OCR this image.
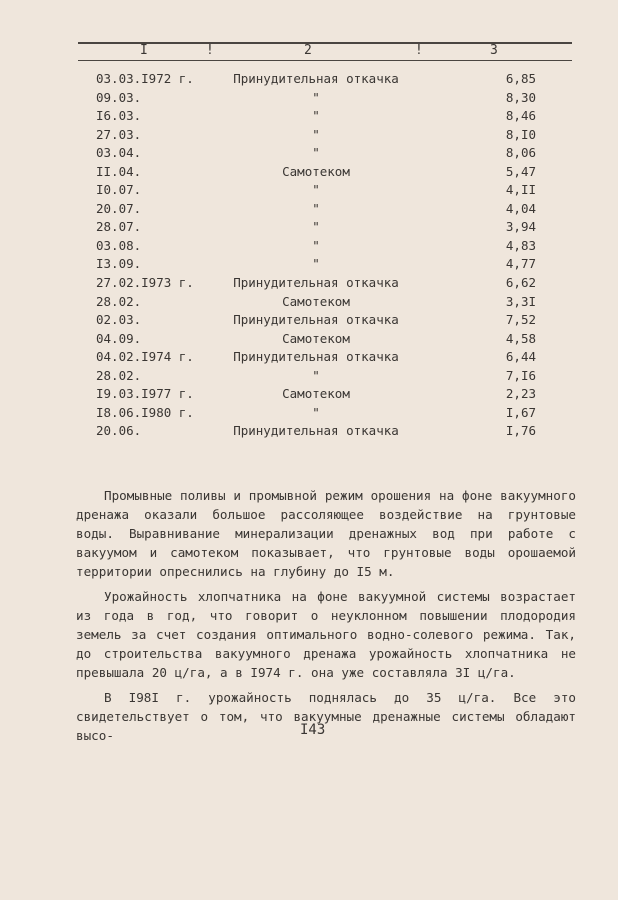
I	!	2	!	3
03.03.I972 г.	Принудительная откачка	6,85
09.03.	"	8,30
I6.03.	"	8,46
27.03.	"	8,I0
03.04.	"	8,06
II.04.	Самотеком	5,47
I0.07.	"	4,II
20.07.	"	4,04
28.07.	"	3,94
03.08.	"	4,83
I3.09.	"	4,77
27.02.I973 г.	Принудительная откачка	6,62
28.02.	Самотеком	3,3I
02.03.	Принудительная откачка	7,52
04.09.	Самотеком	4,58
04.02.I974 г.	Принудительная откачка	6,44
28.02.	"	7,I6
I9.03.I977 г.	Самотеком	2,23
I8.06.I980 г.	"	I,67
20.06.	Принудительная откачка	I,76

Промывные поливы и промывной режим орошения на фоне вакуумного дренажа оказали большое рассоляющее воздействие на грунтовые воды. Выравнивание минерализации дренажных вод при работе с вакуумом и самотеком показывает, что грунтовые воды орошаемой территории опреснились на глубину до I5 м.

Урожайность хлопчатника на фоне вакуумной системы возрастает из года в год, что говорит о неуклонном повышении плодородия земель за счет создания оптимального водно-солевого режима. Так, до строительства вакуумного дренажа урожайность хлопчатника не превышала 20 ц/га, а в I974 г. она уже составляла 3I ц/га.

В I98I г. урожайность поднялась до 35 ц/га. Все это свидетельствует о том, что вакуумные дренажные системы обладают высо-	I43
